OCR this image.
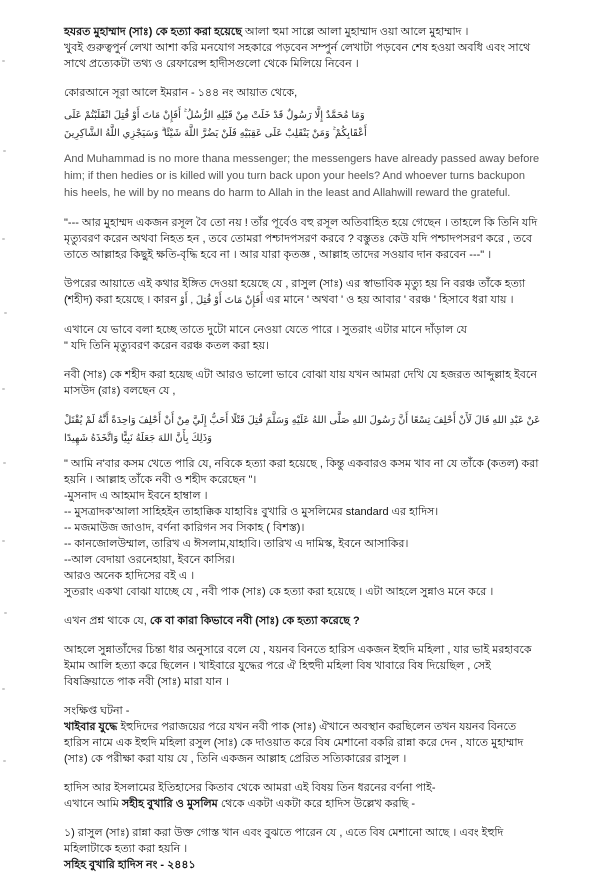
হযরত মুহাম্মাদ (সাঃ) কে হত্যা করা হয়েছে আলা হুমা সাল্লে আলা মুহাম্মাদ ওয়া আলে মুহাম্মাদ ।
খুবই গুরুত্বপুর্ন লেখা আশা করি মনযোগ সহকারে পড়বেন সম্পুর্ন লেখাটা পড়বেন শেষ হওয়া অবধি এবং সাথে সাথে প্রত্যেকটা তথ্য ও রেফারেন্স হাদীসগুলো থেকে মিলিয়ে নিবেন ।

কোরআনে সূরা আলে ইমরান - ১৪৪ নং আয়াত থেকে,

وَمَا مُحَمَّدٌ إِلَّا رَسُولٌ قَدْ خَلَتْ مِنْ قَبْلِهِ الرُّسُلُ ۚ أَفَإِنْ مَاتَ أَوْ قُتِلَ انْقَلَبْتُمْ عَلَى
أَعْقَابِكُمْ ۚ وَمَنْ يَنْقَلِبْ عَلَى عَقِبَيْهِ فَلَنْ يَضُرَّ اللَّهَ شَيْئًا ۗ وَسَيَجْزِي اللَّهُ الشَّاكِرِينَ

And Muhammad is no more thana messenger; the messengers have already passed away before him; if then hedies or is killed will you turn back upon your heels? And whoever turns backupon his heels, he will by no means do harm to Allah in the least and Allahwill reward the grateful.

"--- আর মুহাম্মদ একজন রসূল বৈ তো নয় ! তাঁর পূর্বেও বহু রসূল অতিবাহিত হয়ে গেছেন । তাহলে কি তিনি যদি মৃত্যুবরণ করেন অথবা নিহত হন , তবে তোমরা পশ্চাদপসরণ করবে ? বস্তুতঃ কেউ যদি পশ্চাদপসরণ করে , তবে তাতে আল্লাহর কিছুই ক্ষতি-বৃদ্ধি হবে না । আর যারা কৃতজ্ঞ , আল্লাহ তাদের সওয়াব দান করবেন ---" ।

উপরের আয়াতে এই কথার ইঙ্গিত দেওয়া হয়েছে যে , রাসুল (সাঃ) এর স্বাভাবিক মৃত্যু হয় নি বরঞ্চ তাঁকে হত্যা (শহীদ) করা হয়েছে । কারন أَفَإِنْ مَاتَ أَوْ قُتِلَ , أَوْ এর মানে ' অথবা ' ও হয় আবার ' বরঞ্চ ' হিসাবে ধরা যায় ।

এখানে যে ভাবে বলা হচ্ছে তাতে দুটো মানে নেওয়া যেতে পারে । সুতরাং এটার মানে দাঁড়াল যে
" যদি তিনি মৃত্যুবরণ করেন বরঞ্চ কতল করা হয়।

নবী (সাঃ) কে শহীদ করা হয়েছ এটা আরও ভালো ভাবে বোঝা যায় যখন আমরা দেখি যে হজরত আব্দুল্লাহ ইবনে মাসউদ (রাঃ) বলছেন যে ,

عَنْ عَبْدِ اللهِ قَالَ لَأَنْ أَحْلِفَ تِسْعًا أَنَّ رَسُولَ اللهِ صَلَّى اللهُ عَلَيْهِ وَسَلَّمَ قُتِلَ قَتْلًا أَحَبُّ إِلَيَّ مِنْ أَنْ أَحْلِفَ وَاحِدَةً أَنَّهُ لَمْ يُقْتَلْ وَذَلِكَ بِأَنَّ اللهَ جَعَلَهُ نَبِيًّا وَاتَّخَذَهُ شَهِيدًا

" আমি ন'বার কসম খেতে পারি যে, নবিকে হত্যা করা হয়েছে , কিন্তু একবারও কসম খাব না যে তাঁকে (কতল) করা হয়নি । আল্লাহ তাঁকে নবী ও শহীদ করেছেন "।

-মুসনাদ এ আহমাদ ইবনে হাম্বাল ।

-- মুসত্রাদক'আলা সাহিহইন তাহাক্কিক যাহাবিঃ বুখারি ও মুসলিমের standard এর হাদিস।

-- মজমাউজ জাওাদ, বর্ণনা কারিগন সব সিকাহ ( বিশস্ত)।

-- কানজোলউম্মাল, তারিখ এ ঈসলাম,যাহাবি। তারিখ এ দামিস্ক, ইবনে আসাকির।

--আল বেদায়া ওরনেহায়া, ইবনে কাসির।

আরও অনেক হাদিসের বই এ ।

সুতরাং একথা বোঝা যাচ্ছে যে , নবী পাক (সাঃ) কে হত্যা করা হয়েছে । এটা আহলে সুন্নাও মনে করে ।

এখন প্রশ্ন থাকে যে, কে বা কারা কিভাবে নবী (সাঃ) কে হত্যা করেছে ?

আহলে সুন্নাতাঁদের চিন্তা ধার অনুসারে বলে যে , যয়নব বিনতে হারিস একজন ইহুদি মহিলা , যার ভাই মরহাবকে ইমাম আলি হত্যা করে ছিলেন । খাইবারে যুদ্ধের পরে ঐ হিহুদী মহিলা বিষ খাবারে বিষ দিয়েছিল , সেই বিষক্রিয়াতে পাক নবী (সাঃ) মারা যান ।

সংক্ষিপ্ত ঘটনা -
খাইবার যুদ্ধে ইহুদিদের পরাজয়ের পরে যখন নবী পাক (সাঃ) ঐখানে অবস্থান করছিলেন তখন যয়নব বিনতে হারিস নামে এক ইহুদি মহিলা রসুল (সাঃ) কে দাওয়াত করে বিষ মেশানো বকরি রান্না করে দেন , যাতে মুহাম্মাদ (সাঃ) কে পরীক্ষা করা যায় যে , তিনি একজন আল্লাহ প্রেরিত সত্যিকারের রাসুল ।

হাদিস আর ইসলামের ইতিহাসের কিতাব থেকে আমরা এই বিষয় তিন ধরনের বর্ণনা পাই-
এখানে আমি সহীহ বুখারি ও মুসলিম থেকে একটা একটা করে হাদিস উল্লেখ করছি -

১) রাসুল (সাঃ) রান্না করা উক্ত গোস্ত খান এবং বুঝতে পারেন যে , এতে বিষ মেশানো আছে । এবং ইহুদি মহিলাটাকে হত্যা করা হয়নি ।
সহিহ বুখারি হাদিস নং - ২৪৪১
